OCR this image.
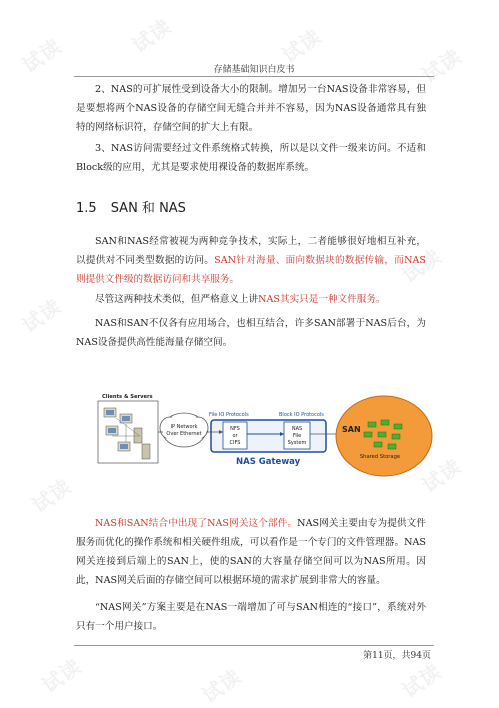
试读	试读	试读	试读
试读
试读
试读	试读
试读	试读	试读
存储基础知识白皮书

2、NAS的可扩展性受到设备大小的限制。增加另一台NAS设备非常容易，但是要想将两个NAS设备的存储空间无缝合并并不容易，因为NAS设备通常具有独特的网络标识符，存储空间的扩大上有限。

3、NAS访问需要经过文件系统格式转换，所以是以文件一级来访问。不适和Block级的应用，尤其是要求使用裸设备的数据库系统。

1.5 SAN 和 NAS

SAN和NAS经常被视为两种竞争技术，实际上，二者能够很好地相互补充，以提供对不同类型数据的访问。SAN针对海量、面向数据块的数据传输，而NAS则提供文件级的数据访问和共享服务。

尽管这两种技术类似，但严格意义上讲NAS其实只是一种文件服务。

NAS和SAN不仅各有应用场合，也相互结合，许多SAN部署于NAS后台，为NAS设备提供高性能海量存储空间。

Clients & Servers
IP Network
Over Ethernet
File IO Protocols	Block IO Protocols
NFS
or
CIFS
NAS
File
System
NAS Gateway
SAN
Shared Storage

NAS和SAN结合中出现了NAS网关这个部件。NAS网关主要由专为提供文件服务而优化的操作系统和相关硬件组成，可以看作是一个专门的文件管理器。NAS网关连接到后端上的SAN上，使的SAN的大容量存储空间可以为NAS所用。因此，NAS网关后面的存储空间可以根据环境的需求扩展到非常大的容量。

“NAS网关”方案主要是在NAS一端增加了可与SAN相连的“接口”，系统对外只有一个用户接口。

第11页，共94页
